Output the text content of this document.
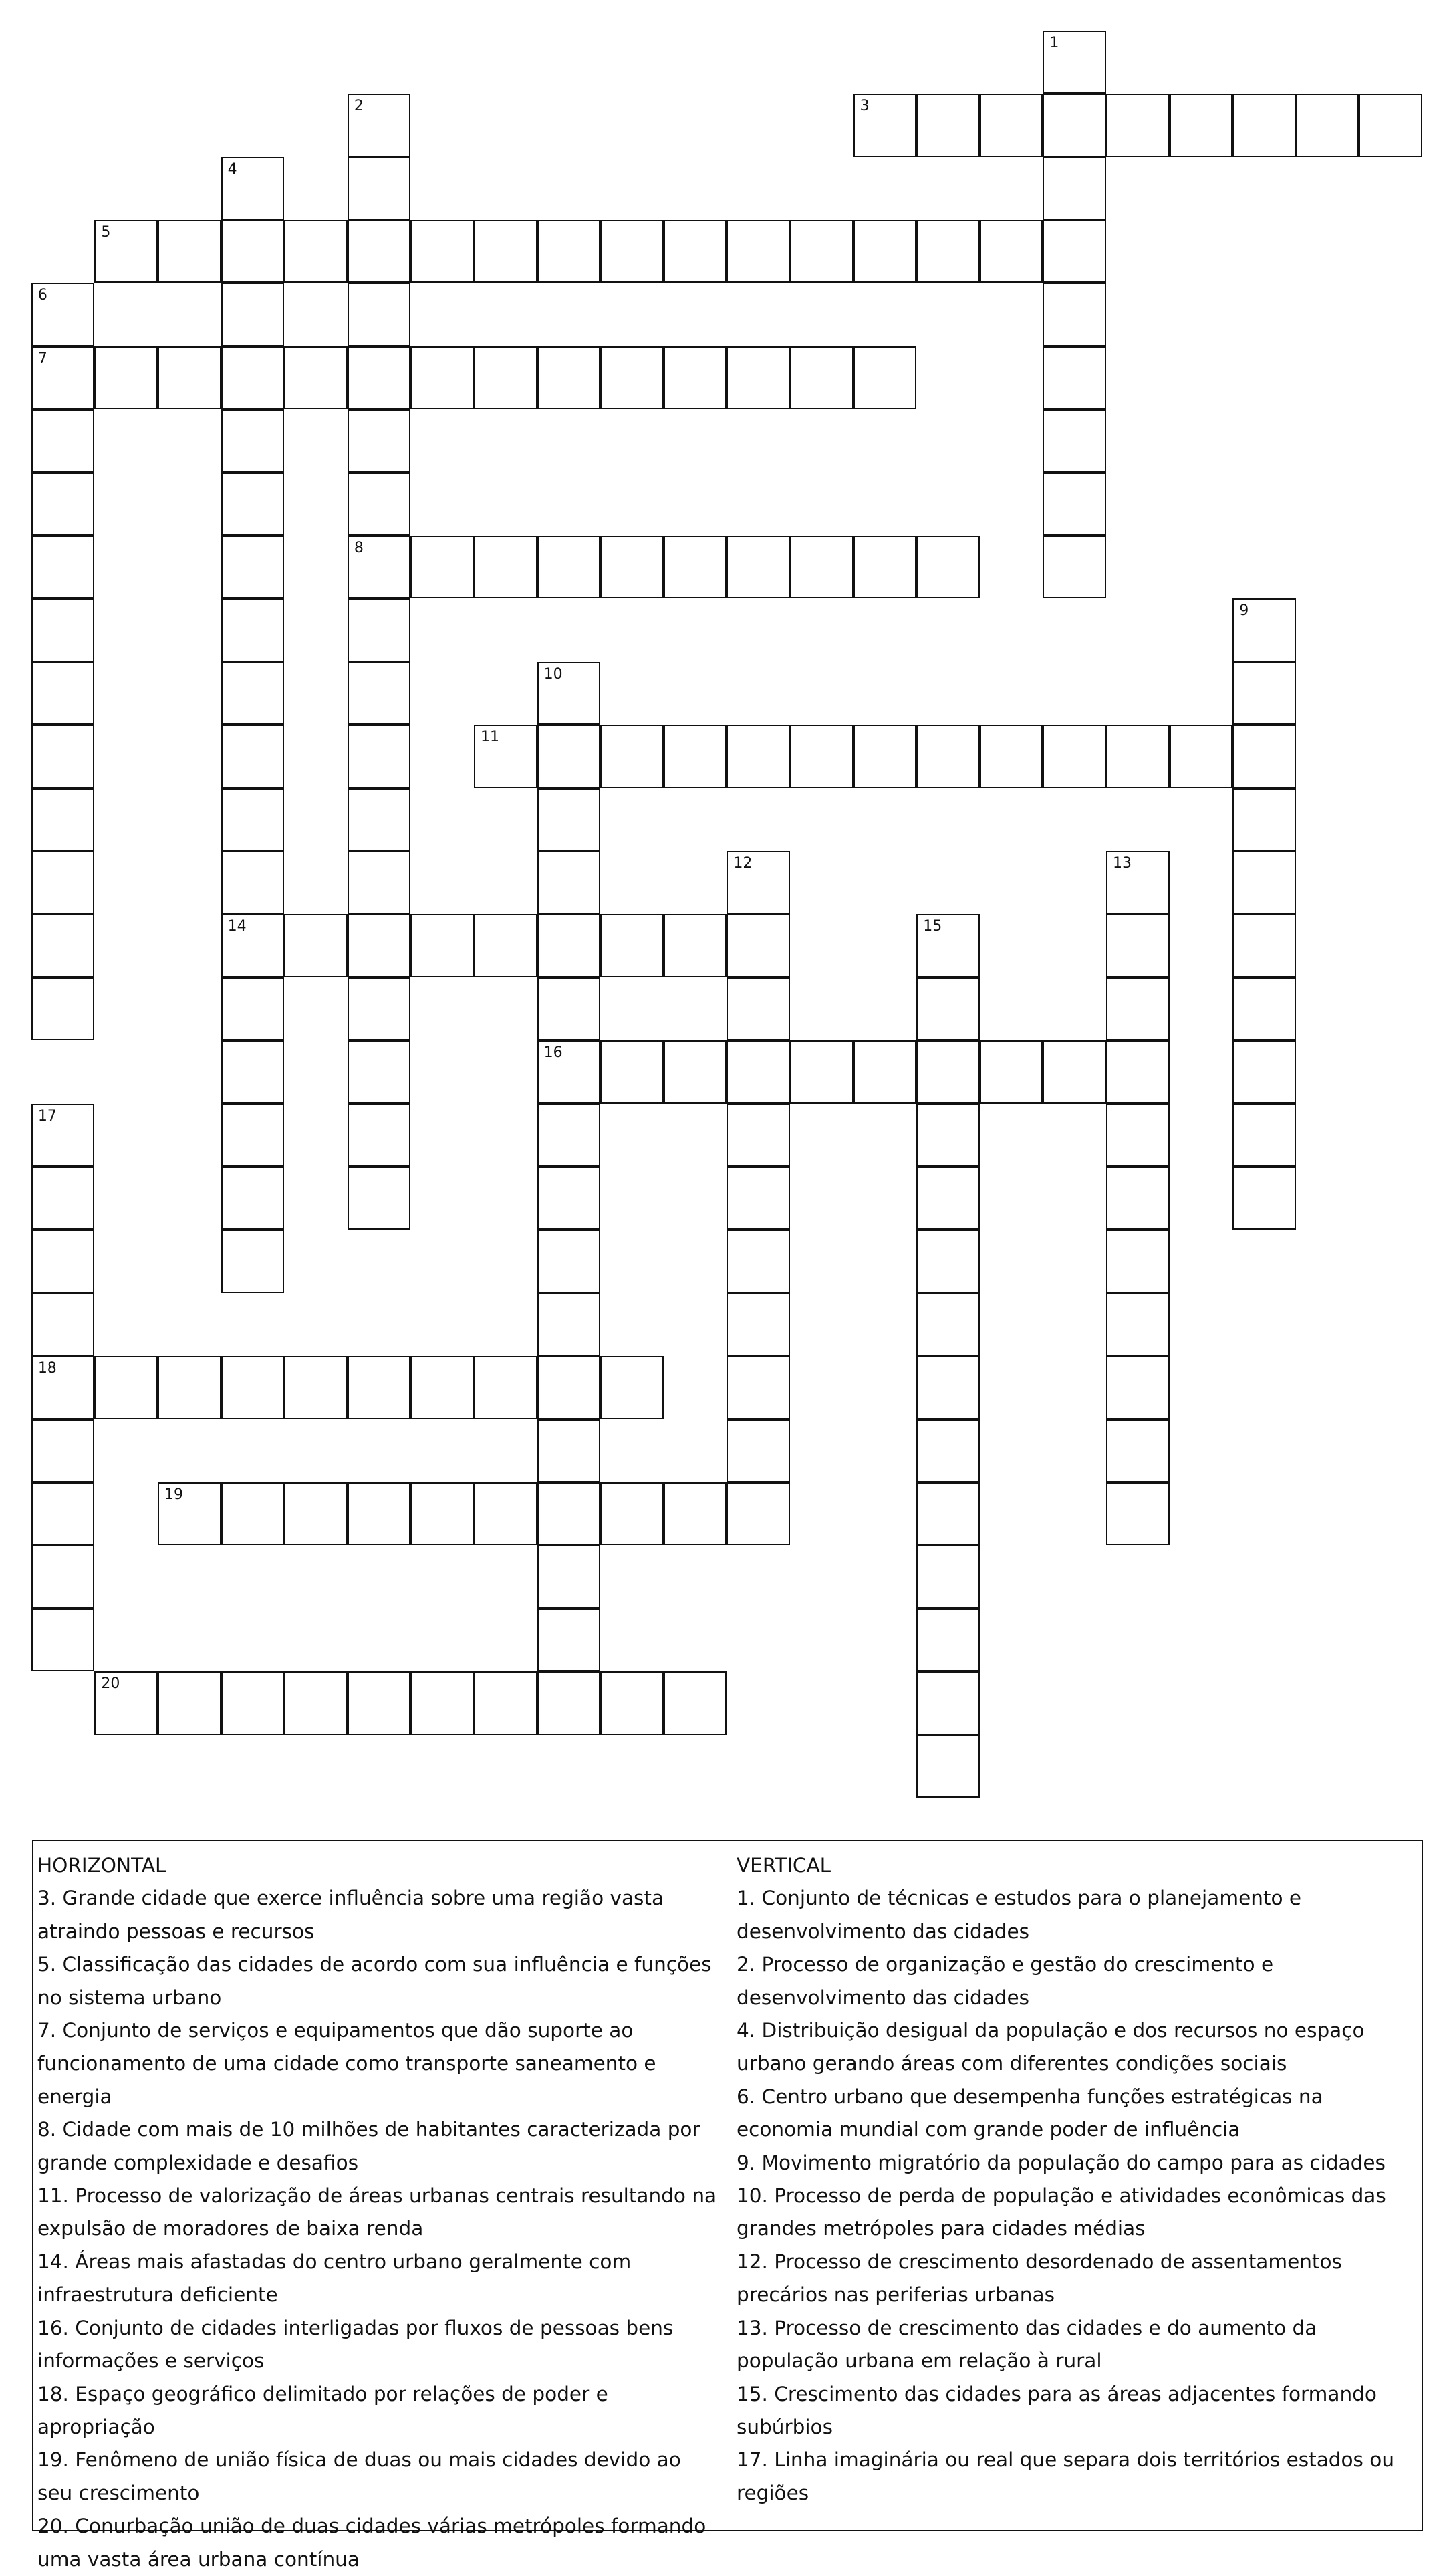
1
2	3
4
5
6
7
8
9
10
11
12	13
14	15
16
17
18
19
20

HORIZONTAL

3. Grande cidade que exerce influência sobre uma região vasta atraindo pessoas e recursos

5. Classificação das cidades de acordo com sua influência e funções no sistema urbano

7. Conjunto de serviços e equipamentos que dão suporte ao funcionamento de uma cidade como transporte saneamento e energia

8. Cidade com mais de 10 milhões de habitantes caracterizada por grande complexidade e desafios

11. Processo de valorização de áreas urbanas centrais resultando na expulsão de moradores de baixa renda

14. Áreas mais afastadas do centro urbano geralmente com infraestrutura deficiente

16. Conjunto de cidades interligadas por fluxos de pessoas bens informações e serviços

18. Espaço geográfico delimitado por relações de poder e apropriação

19. Fenômeno de união física de duas ou mais cidades devido ao seu crescimento

20. Conurbação união de duas cidades várias metrópoles formando uma vasta área urbana contínua

VERTICAL

1. Conjunto de técnicas e estudos para o planejamento e desenvolvimento das cidades

2. Processo de organização e gestão do crescimento e desenvolvimento das cidades

4. Distribuição desigual da população e dos recursos no espaço urbano gerando áreas com diferentes condições sociais

6. Centro urbano que desempenha funções estratégicas na economia mundial com grande poder de influência

9. Movimento migratório da população do campo para as cidades

10. Processo de perda de população e atividades econômicas das grandes metrópoles para cidades médias

12. Processo de crescimento desordenado de assentamentos precários nas periferias urbanas

13. Processo de crescimento das cidades e do aumento da população urbana em relação à rural

15. Crescimento das cidades para as áreas adjacentes formando subúrbios

17. Linha imaginária ou real que separa dois territórios estados ou regiões
